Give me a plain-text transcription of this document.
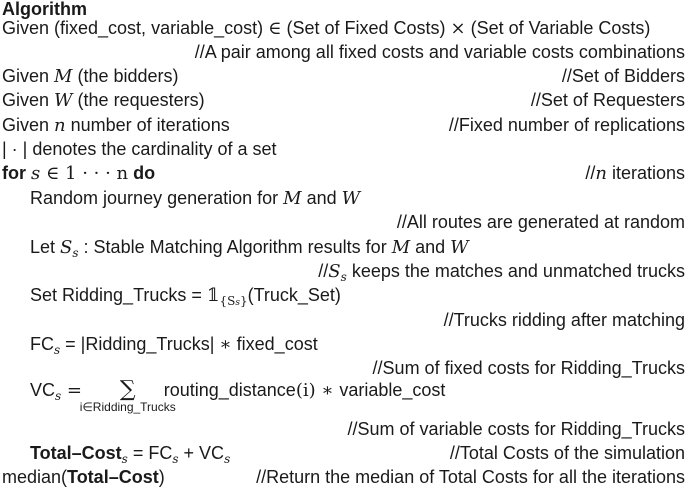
Algorithm
Given (fixed_cost, variable_cost) ∈ (Set of Fixed Costs) × (Set of Variable Costs)
//A pair among all fixed costs and variable costs combinations
Given M (the bidders)	//Set of Bidders
Given W (the requesters)	//Set of Requesters
Given n number of iterations	//Fixed number of replications
| · | denotes the cardinality of a set
for s ∈ 1 · · · n do	//n iterations
Random journey generation for M and W
//All routes are generated at random
Let $S_s$ : Stable Matching Algorithm results for M and W
$//S_s$ keeps the matches and unmatched trucks
Set Ridding_Trucks = $𝟙_{\{Ss\}}(Truck\_Set)$
//Trucks ridding after matching
$FC_s$ = |Ridding_Trucks| ∗ fixed_cost
//Sum of fixed costs for Ridding_Trucks
$VC_s$ = ∑
i∈Ridding_Trucks
routing_distance(i) ∗ variable_cost
//Sum of variable costs for Ridding_Trucks
Total–Cost$_s$ = $FC_s + VC_s$	//Total Costs of the simulation
median(Total–Cost)	//Return the median of Total Costs for all the iterations
